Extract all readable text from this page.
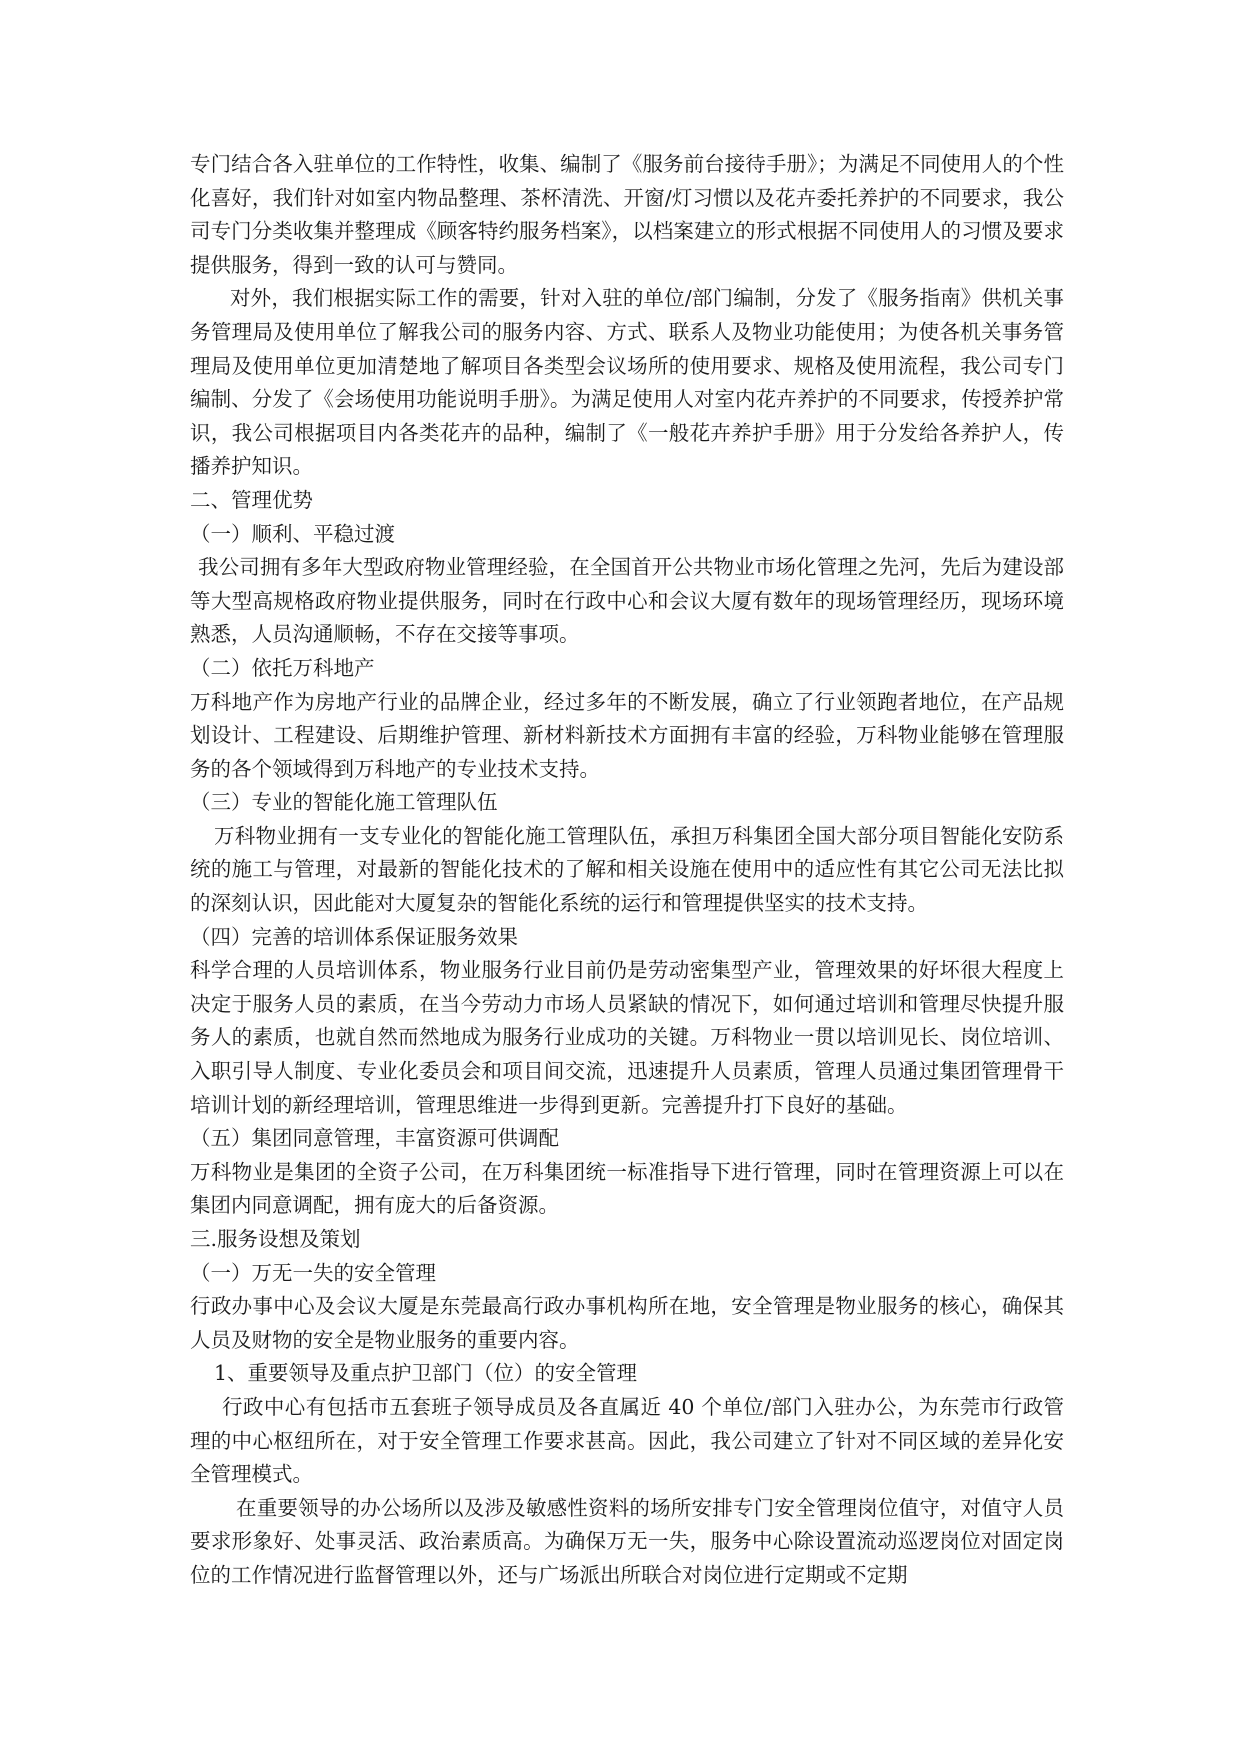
专门结合各入驻单位的工作特性，收集、编制了《服务前台接待手册》；为满足不同使用人的个性化喜好，我们针对如室内物品整理、茶杯清洗、开窗/灯习惯以及花卉委托养护的不同要求，我公司专门分类收集并整理成《顾客特约服务档案》，以档案建立的形式根据不同使用人的习惯及要求提供服务，得到一致的认可与赞同。

对外，我们根据实际工作的需要，针对入驻的单位/部门编制，分发了《服务指南》供机关事务管理局及使用单位了解我公司的服务内容、方式、联系人及物业功能使用；为使各机关事务管理局及使用单位更加清楚地了解项目各类型会议场所的使用要求、规格及使用流程，我公司专门编制、分发了《会场使用功能说明手册》。为满足使用人对室内花卉养护的不同要求，传授养护常识，我公司根据项目内各类花卉的品种，编制了《一般花卉养护手册》用于分发给各养护人，传播养护知识。

二、管理优势

（一）顺利、平稳过渡

我公司拥有多年大型政府物业管理经验，在全国首开公共物业市场化管理之先河，先后为建设部等大型高规格政府物业提供服务，同时在行政中心和会议大厦有数年的现场管理经历，现场环境熟悉，人员沟通顺畅，不存在交接等事项。

（二）依托万科地产

万科地产作为房地产行业的品牌企业，经过多年的不断发展，确立了行业领跑者地位，在产品规划设计、工程建设、后期维护管理、新材料新技术方面拥有丰富的经验，万科物业能够在管理服务的各个领域得到万科地产的专业技术支持。

（三）专业的智能化施工管理队伍

万科物业拥有一支专业化的智能化施工管理队伍，承担万科集团全国大部分项目智能化安防系统的施工与管理，对最新的智能化技术的了解和相关设施在使用中的适应性有其它公司无法比拟的深刻认识，因此能对大厦复杂的智能化系统的运行和管理提供坚实的技术支持。

（四）完善的培训体系保证服务效果

科学合理的人员培训体系，物业服务行业目前仍是劳动密集型产业，管理效果的好坏很大程度上决定于服务人员的素质，在当今劳动力市场人员紧缺的情况下，如何通过培训和管理尽快提升服务人的素质，也就自然而然地成为服务行业成功的关键。万科物业一贯以培训见长、岗位培训、入职引导人制度、专业化委员会和项目间交流，迅速提升人员素质，管理人员通过集团管理骨干培训计划的新经理培训，管理思维进一步得到更新。完善提升打下良好的基础。

（五）集团同意管理，丰富资源可供调配

万科物业是集团的全资子公司，在万科集团统一标准指导下进行管理，同时在管理资源上可以在集团内同意调配，拥有庞大的后备资源。

三.服务设想及策划

（一）万无一失的安全管理

行政办事中心及会议大厦是东莞最高行政办事机构所在地，安全管理是物业服务的核心，确保其人员及财物的安全是物业服务的重要内容。

1、重要领导及重点护卫部门（位）的安全管理

行政中心有包括市五套班子领导成员及各直属近 40 个单位/部门入驻办公，为东莞市行政管理的中心枢纽所在，对于安全管理工作要求甚高。因此，我公司建立了针对不同区域的差异化安全管理模式。

在重要领导的办公场所以及涉及敏感性资料的场所安排专门安全管理岗位值守，对值守人员要求形象好、处事灵活、政治素质高。为确保万无一失，服务中心除设置流动巡逻岗位对固定岗位的工作情况进行监督管理以外，还与广场派出所联合对岗位进行定期或不定期
